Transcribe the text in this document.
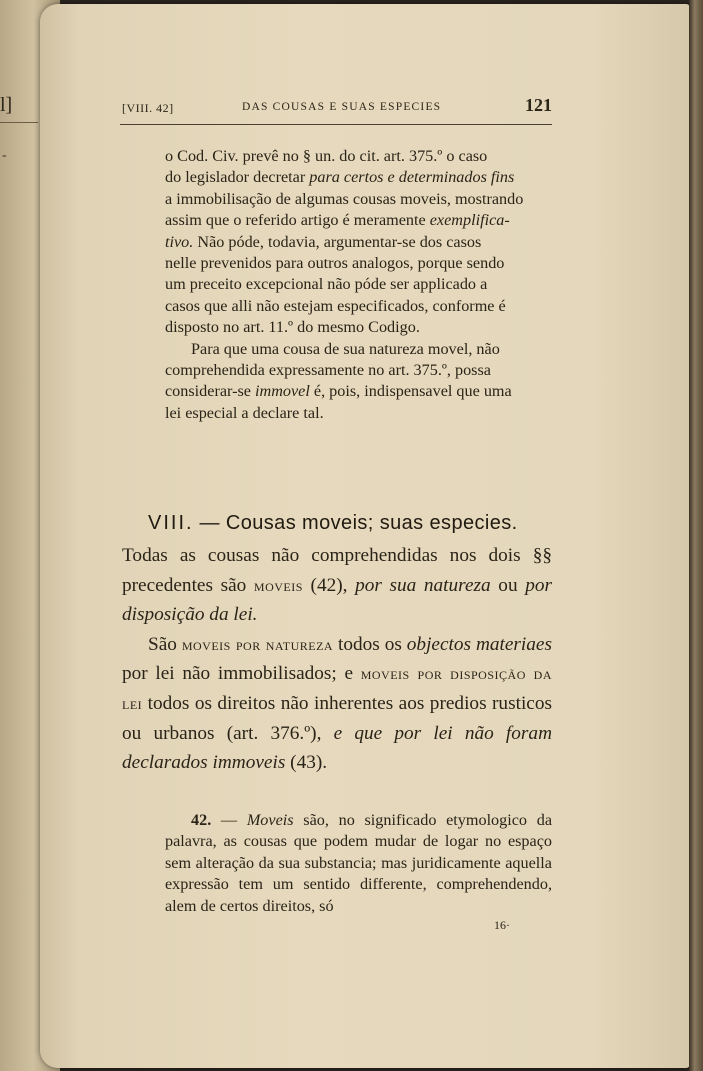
l]
-
[VIII. 42]	DAS COUSAS E SUAS ESPECIES	121

o Cod. Civ. prevê no § un. do cit. art. 375.º o caso
do legislador decretar para certos e determinados fins
a immobilisação de algumas cousas moveis, mostrando
assim que o referido artigo é meramente exemplifica-
tivo. Não póde, todavia, argumentar-se dos casos
nelle prevenidos para outros analogos, porque sendo
um preceito excepcional não póde ser applicado a
casos que alli não estejam especificados, conforme é
disposto no art. 11.º do mesmo Codigo.

Para que uma cousa de sua natureza movel, não
comprehendida expressamente no art. 375.º, possa
considerar-se immovel é, pois, indispensavel que uma
lei especial a declare tal.

VIII. — Cousas moveis; suas especies.

Todas as cousas não comprehendidas nos dois §§ precedentes são moveis (42), por sua natureza ou por disposição da lei.

São moveis por natureza todos os objectos materiaes por lei não immobilisados; e moveis por disposição da lei todos os direitos não inherentes aos predios rusticos ou urbanos (art. 376.º), e que por lei não foram declarados immoveis (43).

42. — Moveis são, no significado etymologico da palavra, as cousas que podem mudar de logar no espaço sem alteração da sua substancia; mas juridicamente aquella expressão tem um sentido differente, comprehendendo, alem de certos direitos, só

16·
